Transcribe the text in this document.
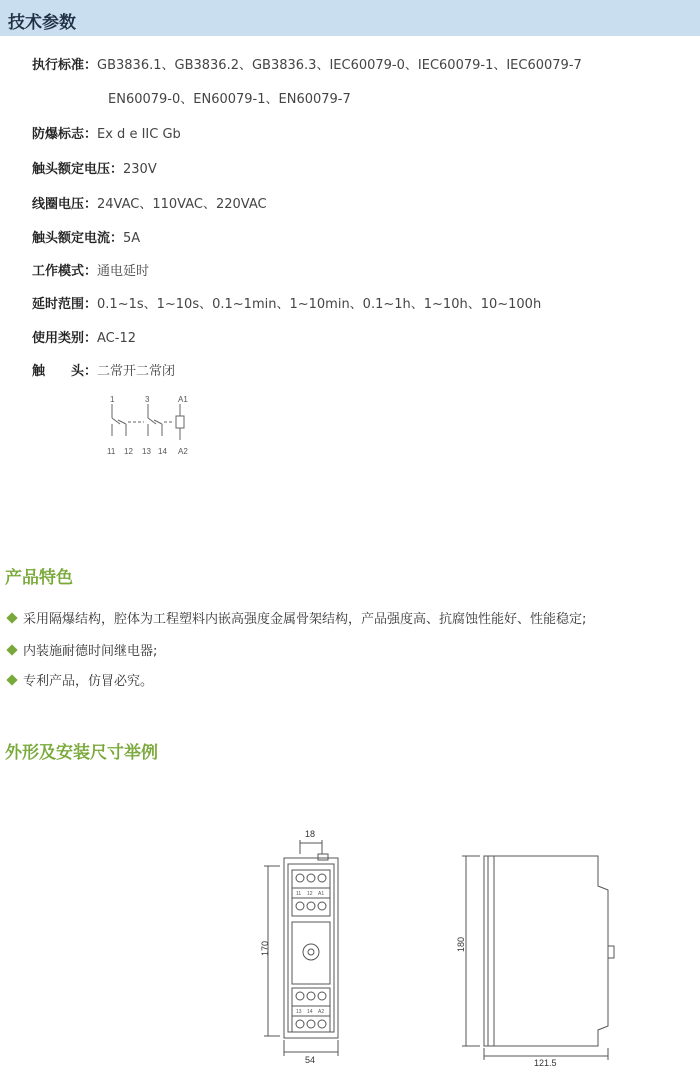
技术参数
执行标准：GB3836.1、GB3836.2、GB3836.3、IEC60079-0、IEC60079-1、IEC60079-7
EN60079-0、EN60079-1、EN60079-7
防爆标志：Ex d e IIC Gb
触头额定电压：230V
线圈电压：24VAC、110VAC、220VAC
触头额定电流：5A
工作模式：通电延时
延时范围：0.1~1s、1~10s、0.1~1min、1~10min、0.1~1h、1~10h、10~100h
使用类别：AC-12
触　　头：二常开二常闭
1	3	A1
11 12 13 14 A2
产品特色
采用隔爆结构，腔体为工程塑料内嵌高强度金属骨架结构，产品强度高、抗腐蚀性能好、性能稳定;
内装施耐德时间继电器;
专利产品，仿冒必究。
外形及安装尺寸举例
18
170
54
11 12 A1
13 14 A2
180
121.5
